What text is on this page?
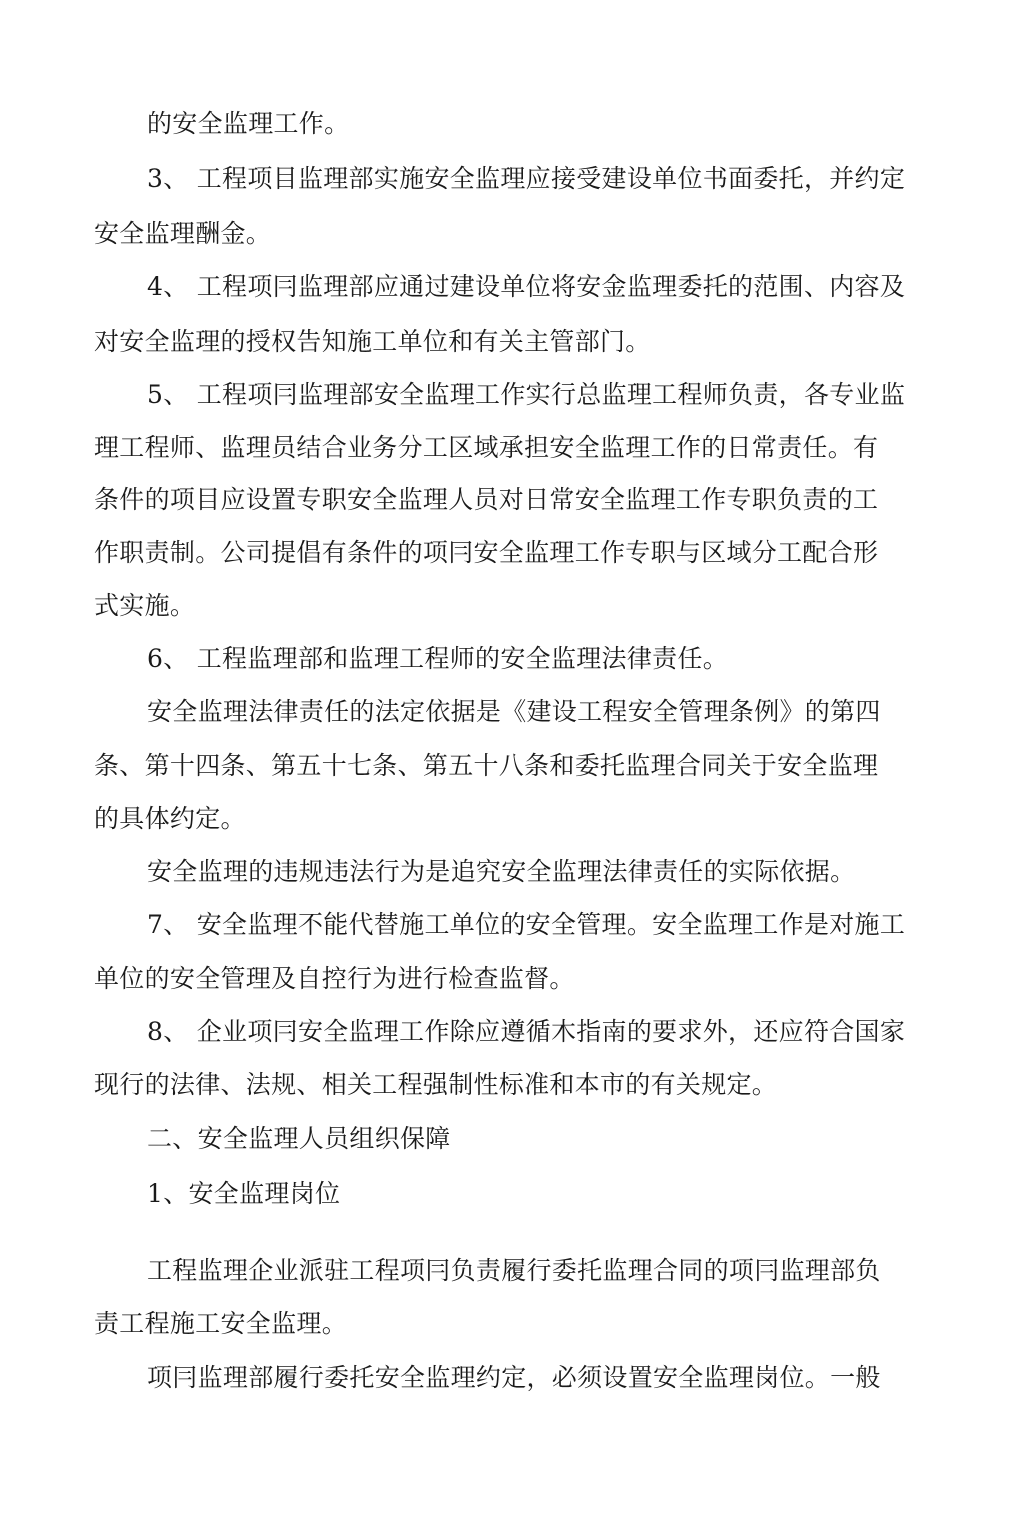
的安全监理工作。
3、 工程项目监理部实施安全监理应接受建设单位书面委托，并约定
安全监理酬金。
4、 工程项冃监理部应通过建设单位将安金监理委托的范围、内容及
对安全监理的授权告知施工单位和有关主管部门。
5、 工程项冃监理部安全监理工作实行总监理工程师负责，各专业监
理工程师、监理员结合业务分工区域承担安全监理工作的日常责任。有
条件的项目应设置专职安全监理人员对日常安全监理工作专职负责的工
作职责制。公司提倡有条件的项冃安全监理工作专职与区域分工配合形
式实施。
6、 工程监理部和监理工程师的安全监理法律责任。
安全监理法律责任的法定依据是《建设工程安全管理条例》的第四
条、第十四条、第五十七条、第五十八条和委托监理合同关于安全监理
的具体约定。
安全监理的违规违法行为是追究安全监理法律责任的实际依据。
7、 安全监理不能代替施工单位的安全管理。安全监理工作是对施工
单位的安全管理及自控行为进行检查监督。
8、 企业项冃安全监理工作除应遵循木指南的要求外，还应符合国家
现行的法律、法规、相关工程强制性标准和本市的有关规定。
二、安全监理人员组织保障
1、安全监理岗位
工程监理企业派驻工程项冃负责履行委托监理合同的项冃监理部负
责工程施工安全监理。
项冃监理部履行委托安全监理约定，必须设置安全监理岗位。一般
